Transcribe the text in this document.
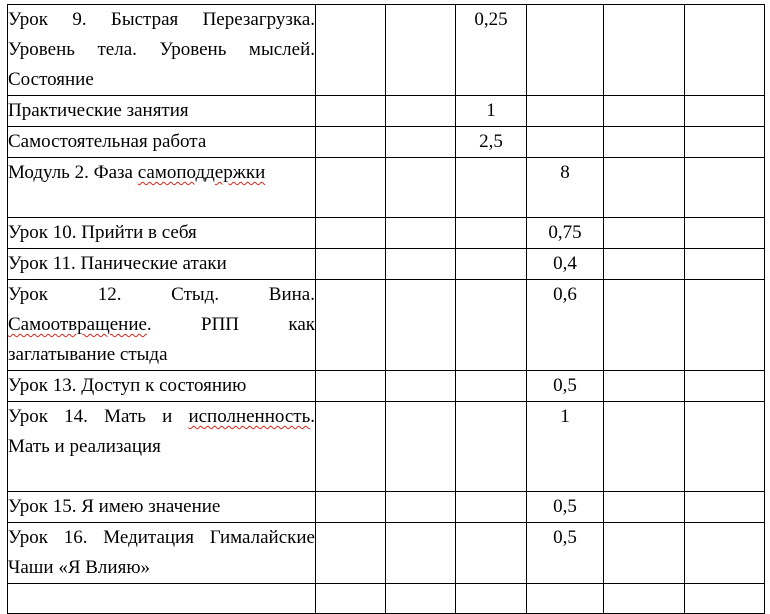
Урок 9. Быстрая Перезагрузка. Уровень тела. Уровень мыслей. Состояние			0,25			
Практические занятия			1			
Самостоятельная работа			2,5			
Модуль 2. Фаза самоподдержки				8		
Урок 10. Прийти в себя				0,75		
Урок 11. Панические атаки				0,4		
Урок 12. Стыд. Вина. Самоотвращение. РПП как заглатывание стыда				0,6		
Урок 13. Доступ к состоянию				0,5		
Урок 14. Мать и исполненность. Мать и реализация				1		
Урок 15. Я имею значение				0,5		
Урок 16. Медитация Гималайские Чаши «Я Влияю»				0,5		
